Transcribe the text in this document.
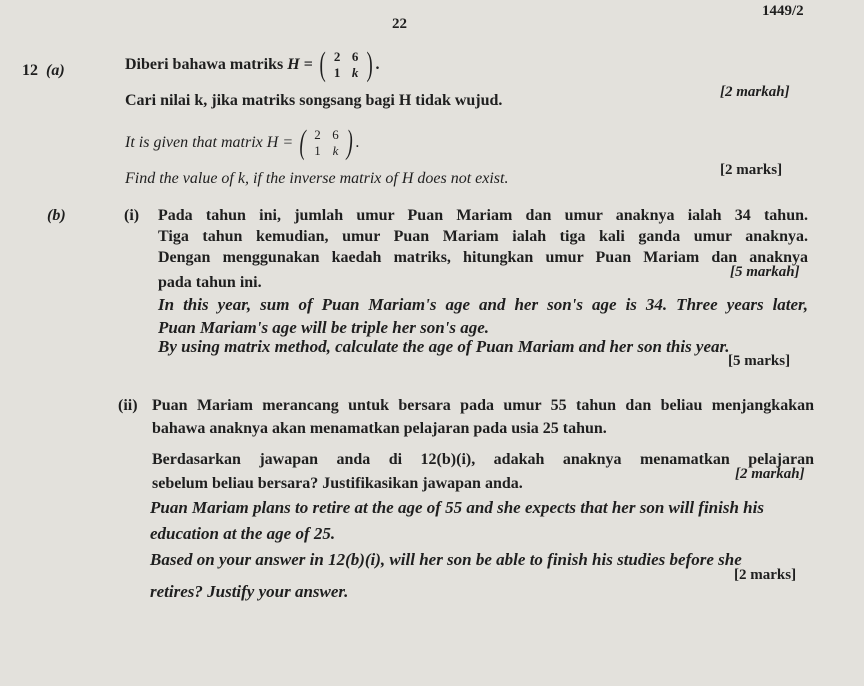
1449/2
22
12 (a)	Diberi bahawa matriks
H = ( 2 6
1 k ) .
Cari nilai k, jika matriks songsang bagi H tidak wujud.	[2 markah]
It is given that matrix
H = ( 2 6
1 k ) .
Find the value of k, if the inverse matrix of H does not exist.	[2 marks]
(b)	(i) Pada tahun ini, jumlah umur Puan Mariam dan umur anaknya ialah 34 tahun.
Tiga tahun kemudian, umur Puan Mariam ialah tiga kali ganda umur anaknya.
Dengan menggunakan kaedah matriks, hitungkan umur Puan Mariam dan anaknya
pada tahun ini.
[5 markah]
In this year, sum of Puan Mariam's age and her son's age is 34. Three years later,
Puan Mariam's age will be triple her son's age.
By using matrix method, calculate the age of Puan Mariam and her son this year.
[5 marks]
(ii) Puan Mariam merancang untuk bersara pada umur 55 tahun dan beliau menjangkakan
bahawa anaknya akan menamatkan pelajaran pada usia 25 tahun.
Berdasarkan jawapan anda di 12(b)(i), adakah anaknya menamatkan pelajaran
sebelum beliau bersara? Justifikasikan jawapan anda.
[2 markah]
Puan Mariam plans to retire at the age of 55 and she expects that her son will finish his
education at the age of 25.
Based on your answer in 12(b)(i), will her son be able to finish his studies before she
retires? Justify your answer.
[2 marks]
